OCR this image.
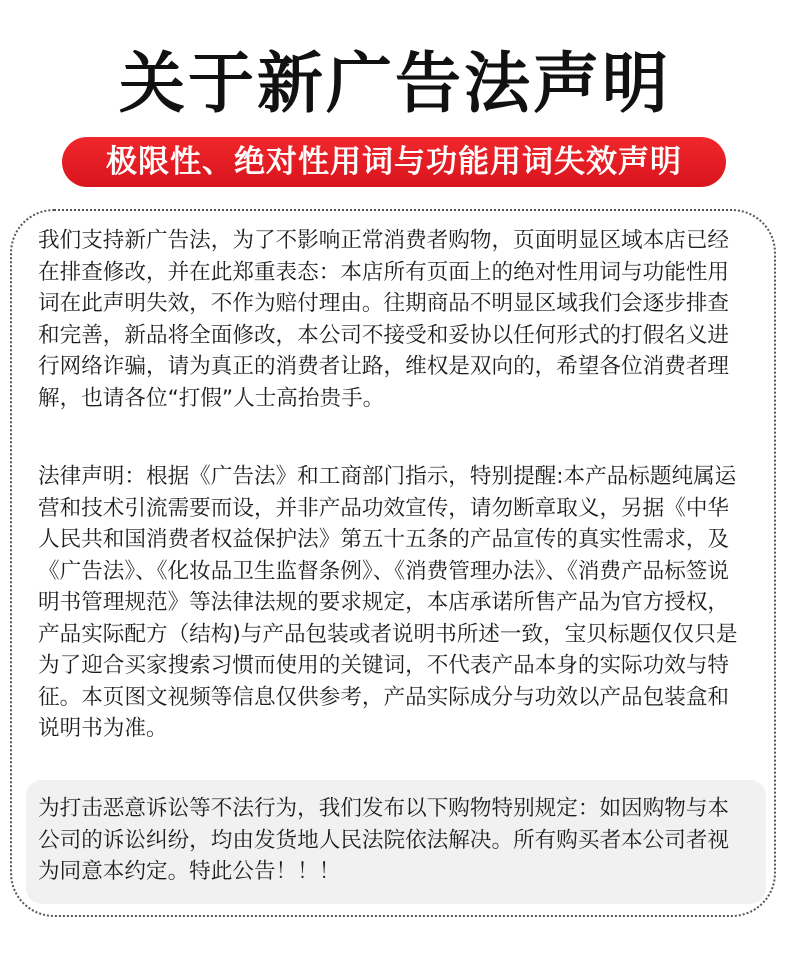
关于新广告法声明
极限性、绝对性用词与功能用词失效声明

我们支持新广告法，为了不影响正常消费者购物，页面明显区域本店已经在排查修改，并在此郑重表态：本店所有页面上的绝对性用词与功能性用词在此声明失效，不作为赔付理由。往期商品不明显区域我们会逐步排查和完善，新品将全面修改，本公司不接受和妥协以任何形式的打假名义进行网络诈骗，请为真正的消费者让路，维权是双向的，希望各位消费者理解，也请各位“打假”人士高抬贵手。

法律声明：根据《广告法》和工商部门指示，特别提醒:本产品标题纯属运营和技术引流需要而设，并非产品功效宣传，请勿断章取义，另据《中华人民共和国消费者权益保护法》第五十五条的产品宣传的真实性需求，及《广告法》、《化妆品卫生监督条例》、《消费管理办法》、《消费产品标签说明书管理规范》等法律法规的要求规定，本店承诺所售产品为官方授权，产品实际配方（结构)与产品包装或者说明书所述一致，宝贝标题仅仅只是为了迎合买家搜索习惯而使用的关键词，不代表产品本身的实际功效与特征。本页图文视频等信息仅供参考，产品实际成分与功效以产品包装盒和说明书为准。

为打击恶意诉讼等不法行为，我们发布以下购物特别规定：如因购物与本公司的诉讼纠纷，均由发货地人民法院依法解决。所有购买者本公司者视为同意本约定。特此公告！！！
